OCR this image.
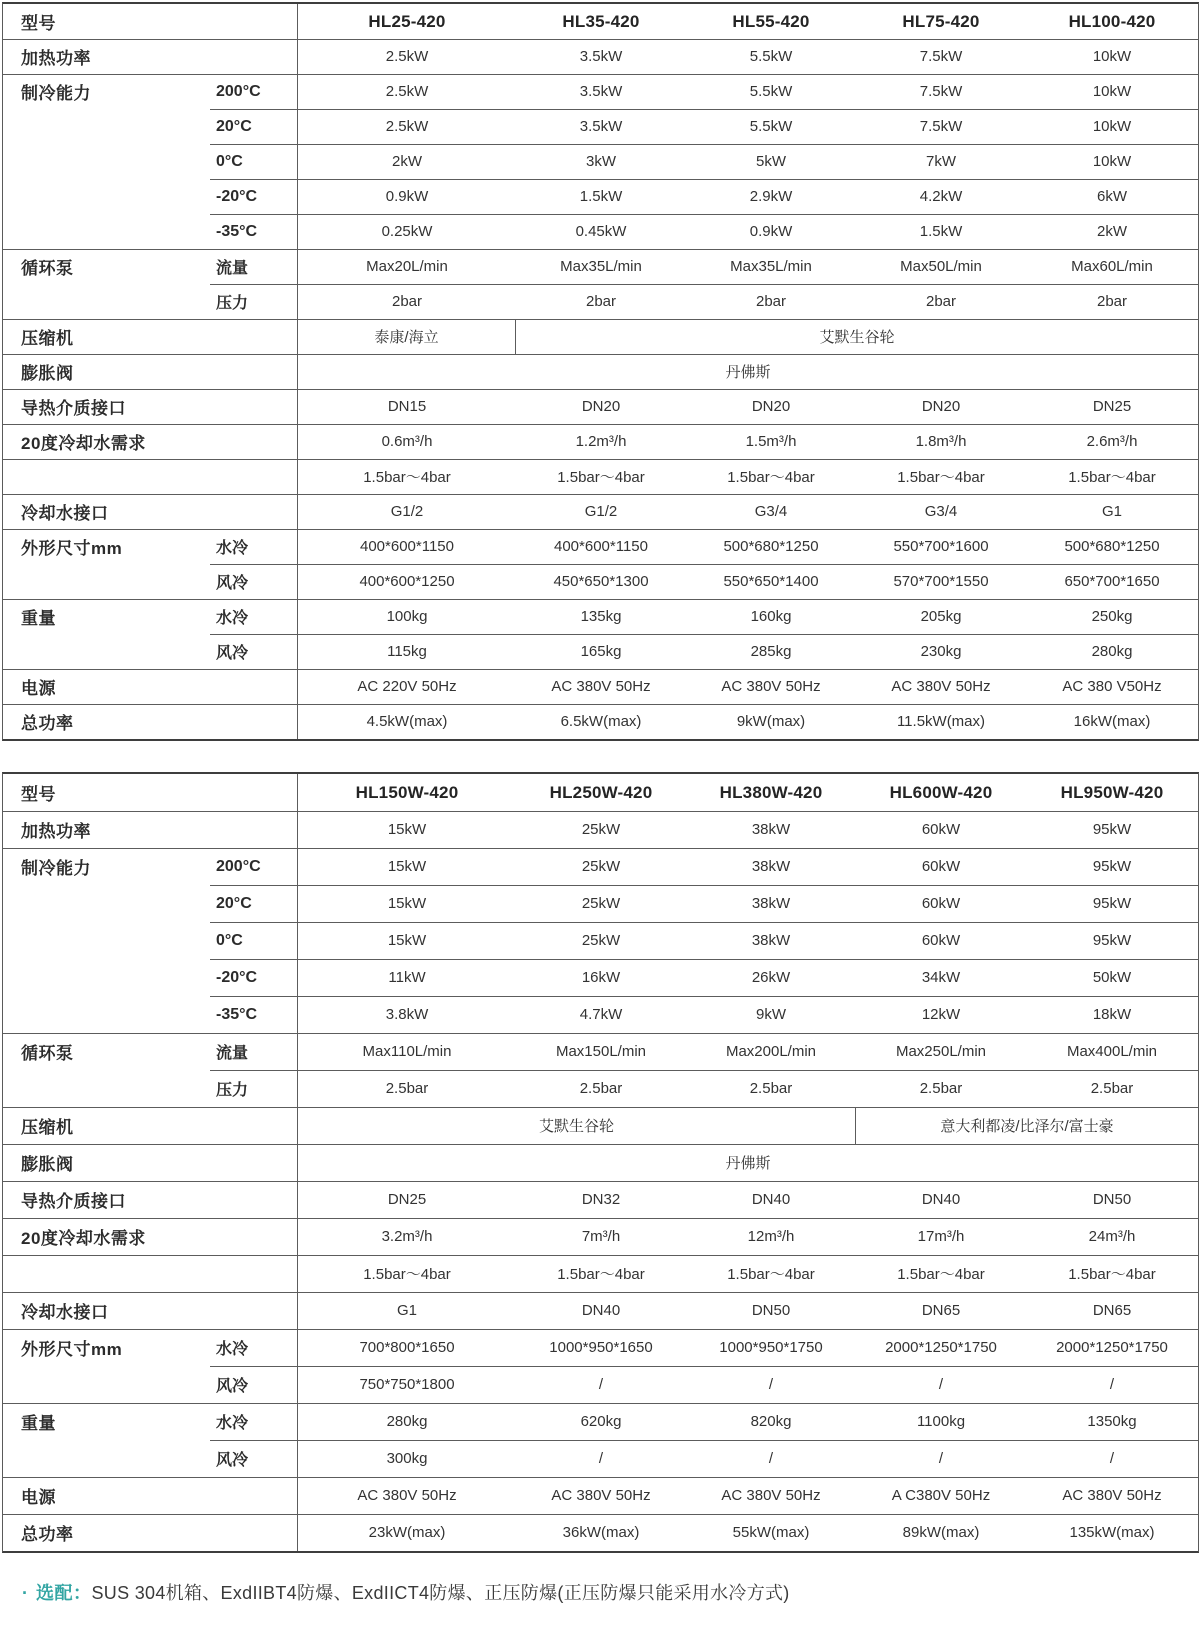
型号	HL25-420	HL35-420	HL55-420	HL75-420	HL100-420
加热功率	2.5kW	3.5kW	5.5kW	7.5kW	10kW
制冷能力	200°C	2.5kW	3.5kW	5.5kW	7.5kW	10kW
20°C	2.5kW	3.5kW	5.5kW	7.5kW	10kW
0°C	2kW	3kW	5kW	7kW	10kW
-20°C	0.9kW	1.5kW	2.9kW	4.2kW	6kW
-35°C	0.25kW	0.45kW	0.9kW	1.5kW	2kW
循环泵	流量	Max20L/min	Max35L/min	Max35L/min	Max50L/min	Max60L/min
压力	2bar	2bar	2bar	2bar	2bar
压缩机	泰康/海立	艾默生谷轮
膨胀阀	丹佛斯
导热介质接口	DN15	DN20	DN20	DN20	DN25
20度冷却水需求	0.6m³/h	1.2m³/h	1.5m³/h	1.8m³/h	2.6m³/h
1.5bar～4bar	1.5bar～4bar	1.5bar～4bar	1.5bar～4bar	1.5bar～4bar
冷却水接口	G1/2	G1/2	G3/4	G3/4	G1
外形尺寸mm	水冷	400*600*1150	400*600*1150	500*680*1250	550*700*1600	500*680*1250
风冷	400*600*1250	450*650*1300	550*650*1400	570*700*1550	650*700*1650
重量	水冷	100kg	135kg	160kg	205kg	250kg
风冷	115kg	165kg	285kg	230kg	280kg
电源	AC 220V 50Hz	AC 380V 50Hz	AC 380V 50Hz	AC 380V 50Hz	AC 380 V50Hz
总功率	4.5kW(max)	6.5kW(max)	9kW(max)	11.5kW(max)	16kW(max)
型号	HL150W-420	HL250W-420	HL380W-420	HL600W-420	HL950W-420
加热功率	15kW	25kW	38kW	60kW	95kW
制冷能力	200°C	15kW	25kW	38kW	60kW	95kW
20°C	15kW	25kW	38kW	60kW	95kW
0°C	15kW	25kW	38kW	60kW	95kW
-20°C	11kW	16kW	26kW	34kW	50kW
-35°C	3.8kW	4.7kW	9kW	12kW	18kW
循环泵	流量	Max110L/min	Max150L/min	Max200L/min	Max250L/min	Max400L/min
压力	2.5bar	2.5bar	2.5bar	2.5bar	2.5bar
压缩机	艾默生谷轮	意大利都凌/比泽尔/富士豪
膨胀阀	丹佛斯
导热介质接口	DN25	DN32	DN40	DN40	DN50
20度冷却水需求	3.2m³/h	7m³/h	12m³/h	17m³/h	24m³/h
1.5bar～4bar	1.5bar～4bar	1.5bar～4bar	1.5bar～4bar	1.5bar～4bar
冷却水接口	G1	DN40	DN50	DN65	DN65
外形尺寸mm	水冷	700*800*1650	1000*950*1650	1000*950*1750	2000*1250*1750	2000*1250*1750
风冷	750*750*1800	/	/	/	/
重量	水冷	280kg	620kg	820kg	1100kg	1350kg
风冷	300kg	/	/	/	/
电源	AC 380V 50Hz	AC 380V 50Hz	AC 380V 50Hz	A C380V 50Hz	AC 380V 50Hz
总功率	23kW(max)	36kW(max)	55kW(max)	89kW(max)	135kW(max)
· 选配： SUS 304机箱、ExdIIBT4防爆、ExdIICT4防爆、正压防爆(正压防爆只能采用水冷方式)
